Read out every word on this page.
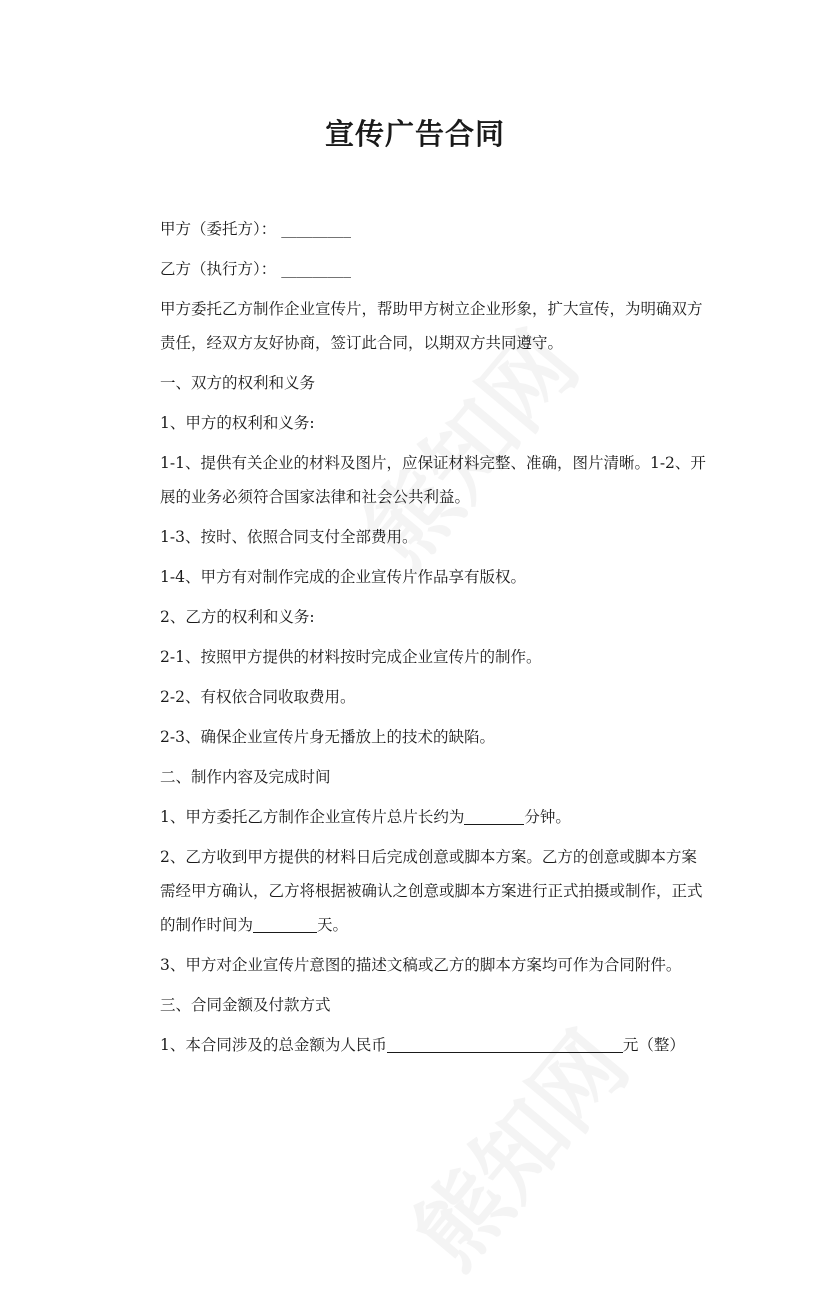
宣传广告合同

甲方（委托方）： _________

乙方（执行方）： _________

甲方委托乙方制作企业宣传片，帮助甲方树立企业形象，扩大宣传，为明确双方责任，经双方友好协商，签订此合同，以期双方共同遵守。

一、双方的权利和义务

1、甲方的权利和义务:

1-1、提供有关企业的材料及图片，应保证材料完整、准确，图片清晰。1-2、开展的业务必须符合国家法律和社会公共利益。

1-3、按时、依照合同支付全部费用。

1-4、甲方有对制作完成的企业宣传片作品享有版权。

2、乙方的权利和义务:

2-1、按照甲方提供的材料按时完成企业宣传片的制作。

2-2、有权依合同收取费用。

2-3、确保企业宣传片身无播放上的技术的缺陷。

二、制作内容及完成时间

1、甲方委托乙方制作企业宣传片总片长约为	分钟。

2、乙方收到甲方提供的材料日后完成创意或脚本方案。乙方的创意或脚本方案需经甲方确认，乙方将根据被确认之创意或脚本方案进行正式拍摄或制作，正式的制作时间为	天。

3、甲方对企业宣传片意图的描述文稿或乙方的脚本方案均可作为合同附件。

三、合同金额及付款方式

1、本合同涉及的总金额为人民币	元（整）
